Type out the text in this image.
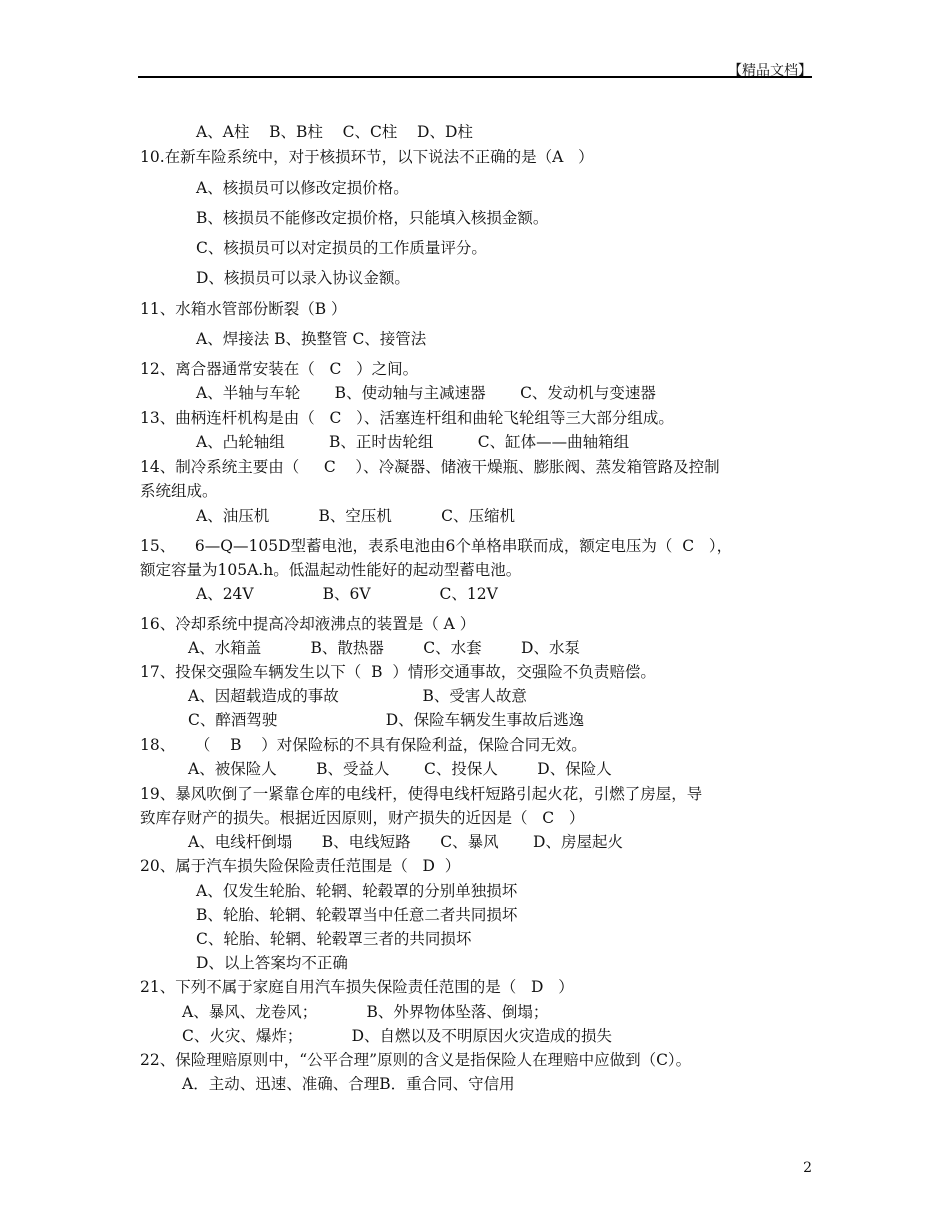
【精品文档】
A、A柱    B、B柱    C、C柱    D、D柱
10.在新车险系统中，对于核损环节，以下说法不正确的是（A   ）
A、核损员可以修改定损价格。
B、核损员不能修改定损价格，只能填入核损金额。
C、核损员可以对定损员的工作质量评分。
D、核损员可以录入协议金额。
11、水箱水管部份断裂（B ）
A、焊接法 B、换整管 C、接管法
12、离合器通常安装在（   C   ）之间。
A、半轴与车轮       B、使动轴与主减速器       C、发动机与变速器
13、曲柄连杆机构是由（   C   ）、活塞连杆组和曲轮飞轮组等三大部分组成。
A、凸轮轴组         B、正时齿轮组         C、缸体——曲轴箱组
14、制冷系统主要由（     C    ）、冷凝器、储液干燥瓶、膨胀阀、蒸发箱管路及控制
系统组成。
A、油压机          B、空压机          C、压缩机
15、    6—Q—105D型蓄电池，表系电池由6个单格串联而成，额定电压为（  C   ），
额定容量为105A.h。低温起动性能好的起动型蓄电池。
A、24V              B、6V              C、12V
16、冷却系统中提高冷却液沸点的装置是（ A ）
A、水箱盖          B、散热器        C、水套        D、水泵
17、投保交强险车辆发生以下（  B  ）情形交通事故，交强险不负责赔偿。
A、因超载造成的事故                 B、受害人故意
C、醉酒驾驶                      D、保险车辆发生事故后逃逸
18、    （    B    ）对保险标的不具有保险利益，保险合同无效。
A、被保险人        B、受益人       C、投保人        D、保险人
19、暴风吹倒了一紧靠仓库的电线杆，使得电线杆短路引起火花，引燃了房屋，导
致库存财产的损失。根据近因原则，财产损失的近因是（   C   ）
A、电线杆倒塌      B、电线短路      C、暴风       D、房屋起火
20、属于汽车损失险保险责任范围是（   D  ）
A、仅发生轮胎、轮辋、轮毂罩的分别单独损坏
B、轮胎、轮辋、轮毂罩当中任意二者共同损坏
C、轮胎、轮辋、轮毂罩三者的共同损坏
D、以上答案均不正确
21、下列不属于家庭自用汽车损失保险责任范围的是（   D   ）
A、暴风、龙卷风；          B、外界物体坠落、倒塌；
C、火灾、爆炸；          D、自燃以及不明原因火灾造成的损失
22、保险理赔原则中，“公平合理”原则的含义是指保险人在理赔中应做到（C）。
A．主动、迅速、准确、合理B．重合同、守信用
2
